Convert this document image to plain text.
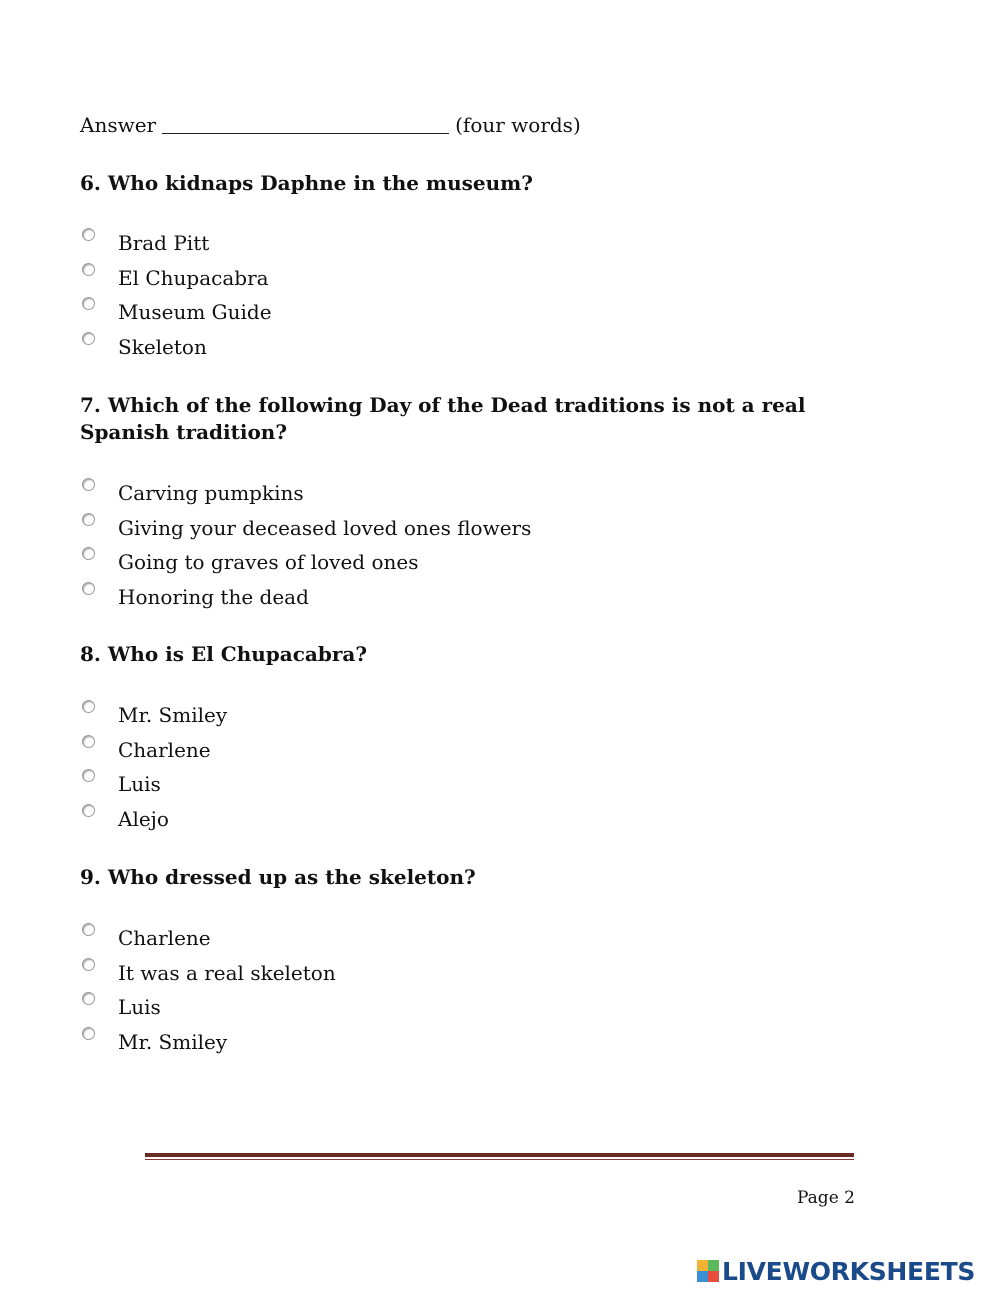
Answer	(four words)
6. Who kidnaps Daphne in the museum?
Brad Pitt
El Chupacabra
Museum Guide
Skeleton
7. Which of the following Day of the Dead traditions is not a real Spanish tradition?
Carving pumpkins
Giving your deceased loved ones flowers
Going to graves of loved ones
Honoring the dead
8. Who is El Chupacabra?
Mr. Smiley
Charlene
Luis
Alejo
9. Who dressed up as the skeleton?
Charlene
It was a real skeleton
Luis
Mr. Smiley
Page 2
LIVEWORKSHEETS
